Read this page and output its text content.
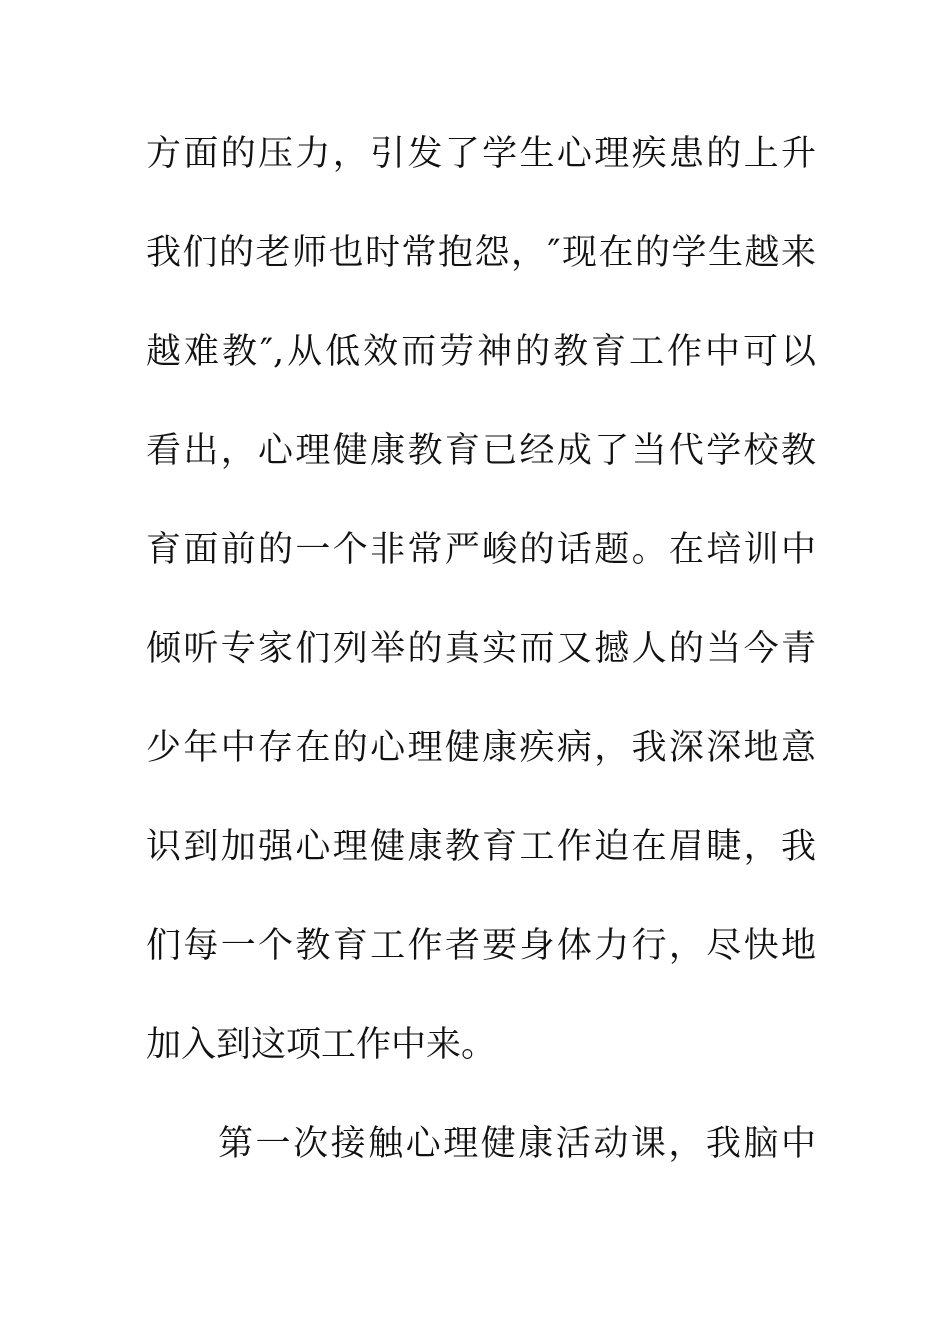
方面的压力，引发了学生心理疾患的上升
我们的老师也时常抱怨，″现在的学生越来
越难教″,从低效而劳神的教育工作中可以
看出，心理健康教育已经成了当代学校教
育面前的一个非常严峻的话题。在培训中
倾听专家们列举的真实而又撼人的当今青
少年中存在的心理健康疾病，我深深地意
识到加强心理健康教育工作迫在眉睫，我
们每一个教育工作者要身体力行，尽快地
加入到这项工作中来。
第一次接触心理健康活动课，我脑中
